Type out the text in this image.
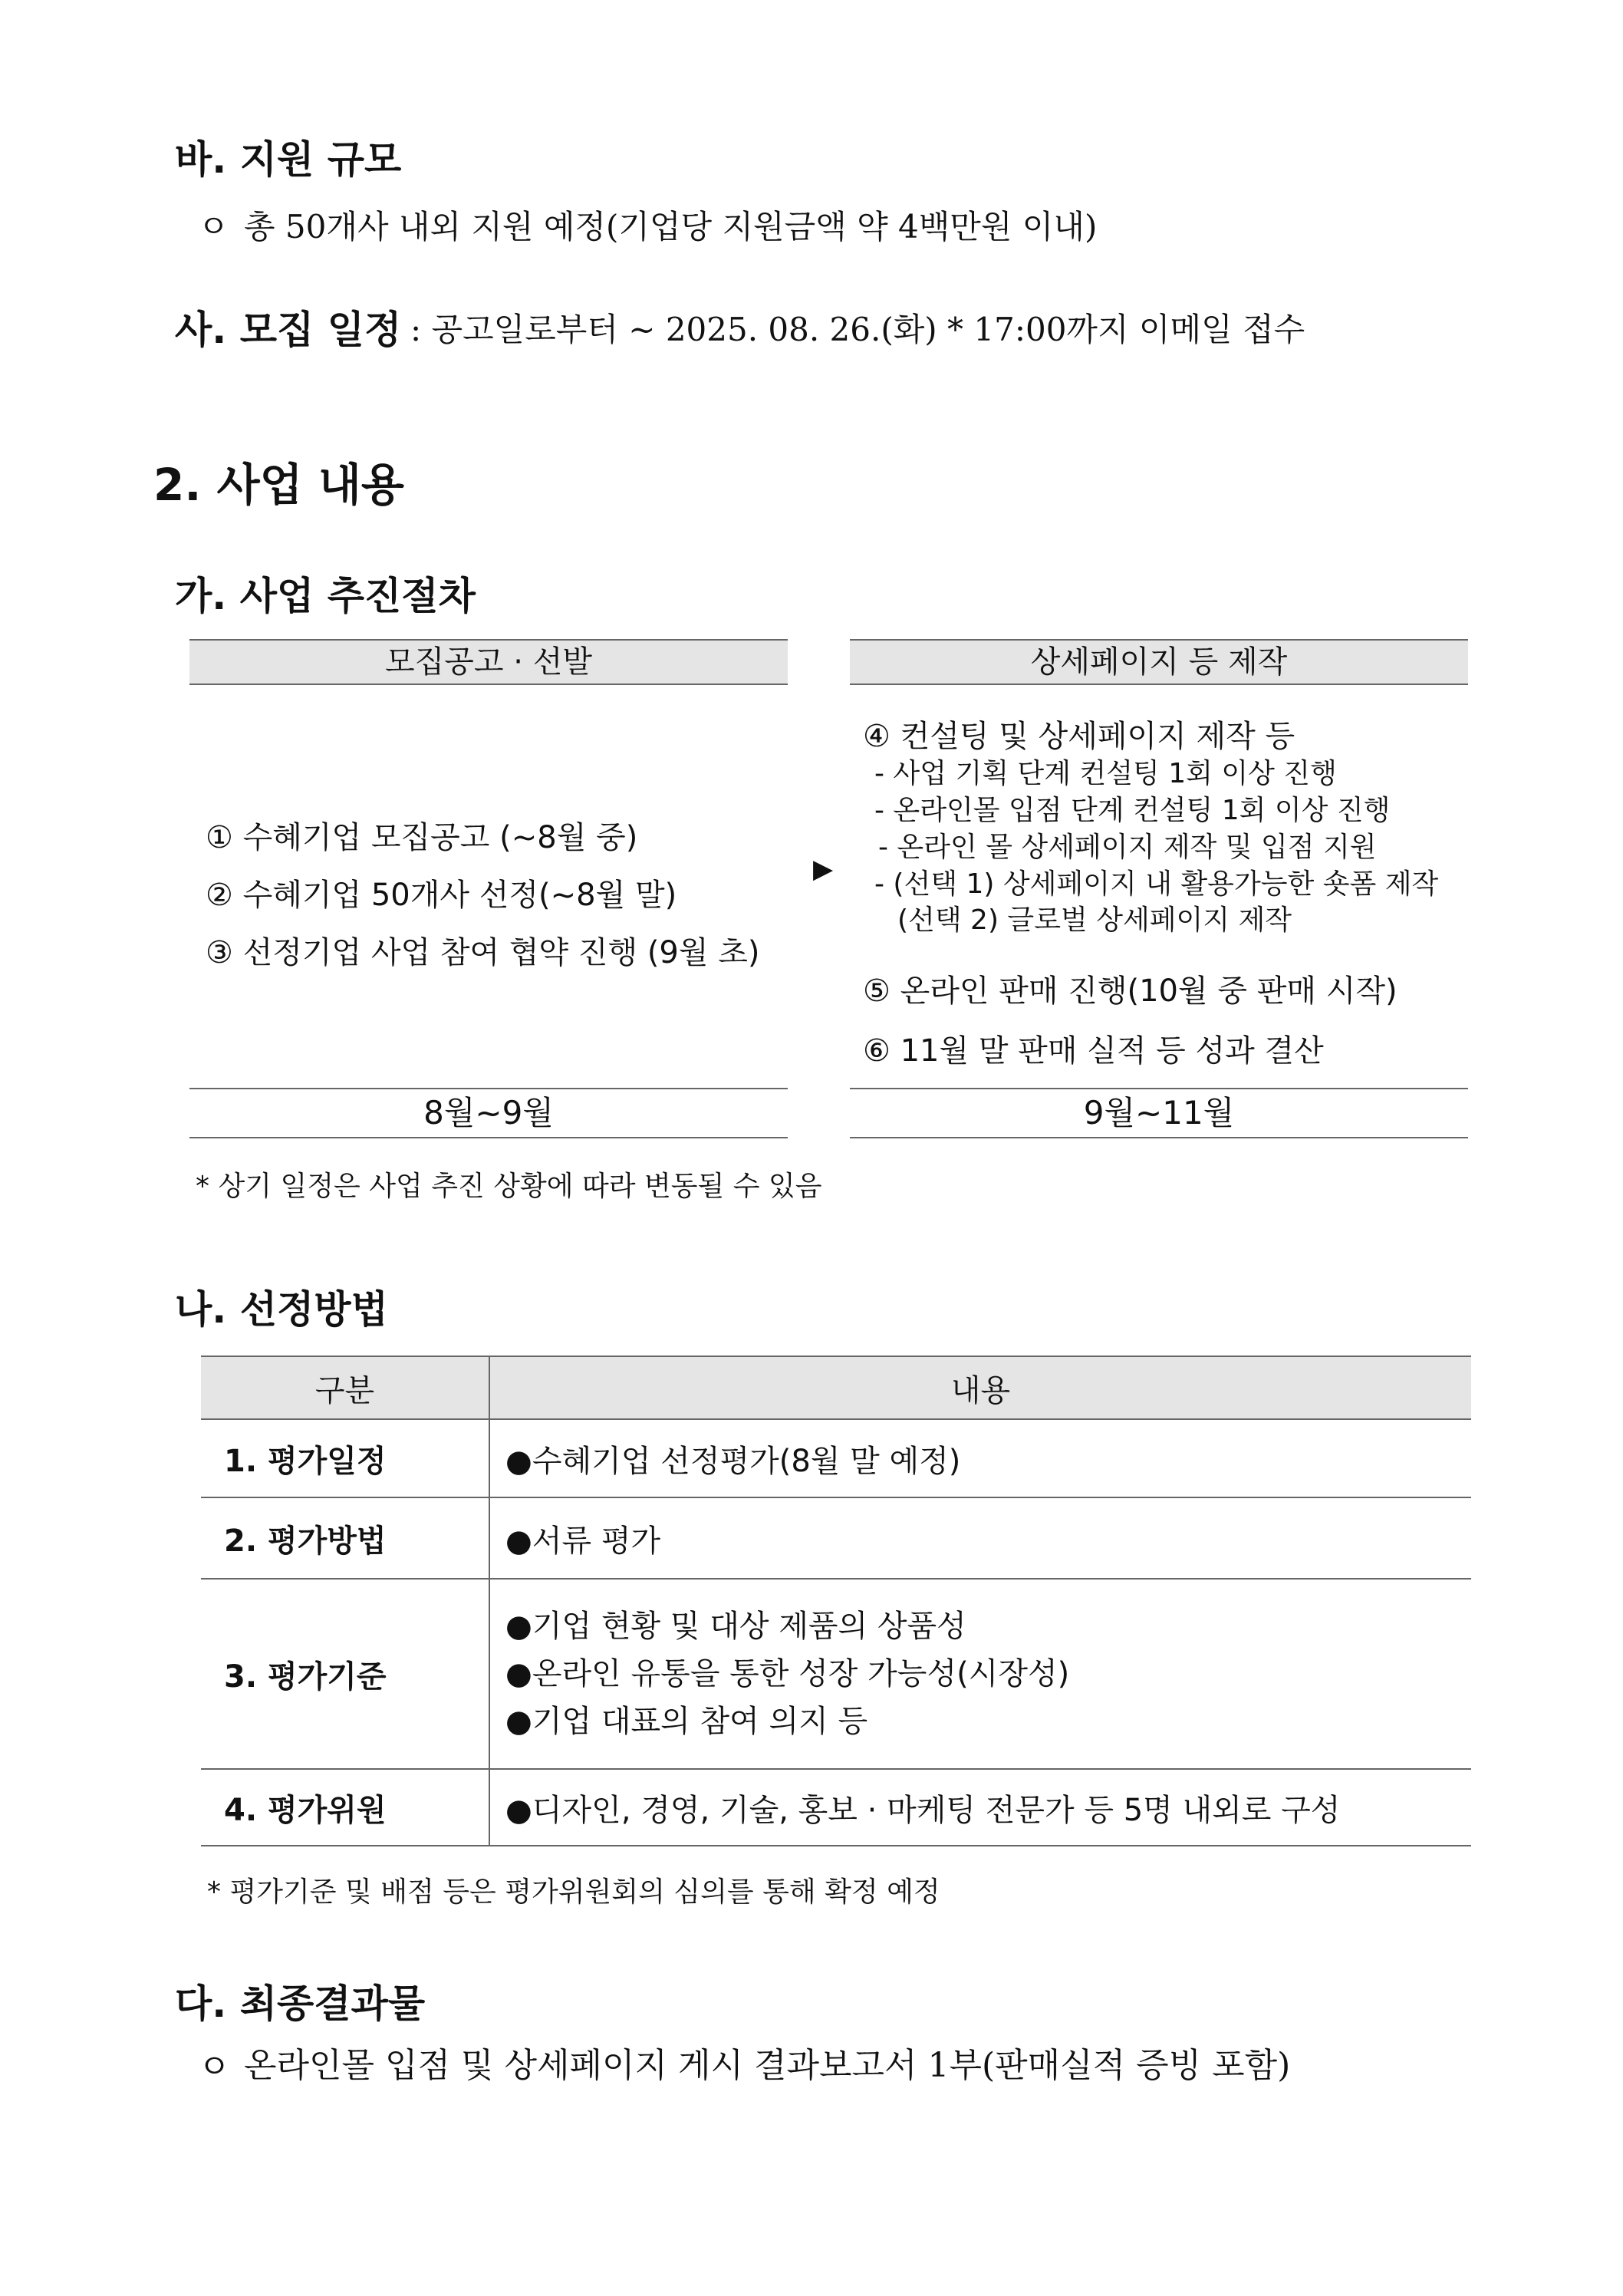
바. 지원 규모
ㅇ 총 50개사 내외 지원 예정(기업당 지원금액 약 4백만원 이내)
사. 모집 일정 : 공고일로부터 ~ 2025. 08. 26.(화) * 17:00까지 이메일 접수
2. 사업 내용
가. 사업 추진절차
모집공고 · 선발	상세페이지 등 제작
① 수혜기업 모집공고 (~8월 중)
② 수혜기업 50개사 선정(~8월 말)
③ 선정기업 사업 참여 협약 진행 (9월 초)
▶
④ 컨설팅 및 상세페이지 제작 등
- 사업 기획 단계 컨설팅 1회 이상 진행
- 온라인몰 입점 단계 컨설팅 1회 이상 진행
- 온라인 몰 상세페이지 제작 및 입점 지원
- (선택 1) 상세페이지 내 활용가능한 숏폼 제작
(선택 2) 글로벌 상세페이지 제작
⑤ 온라인 판매 진행(10월 중 판매 시작)
⑥ 11월 말 판매 실적 등 성과 결산
8월~9월	9월~11월
* 상기 일정은 사업 추진 상황에 따라 변동될 수 있음
나. 선정방법
구분	내용
1. 평가일정	●수혜기업 선정평가(8월 말 예정)
2. 평가방법	●서류 평가
3. 평가기준	●기업 현황 및 대상 제품의 상품성
●온라인 유통을 통한 성장 가능성(시장성)
●기업 대표의 참여 의지 등

4. 평가위원	●디자인, 경영, 기술, 홍보 · 마케팅 전문가 등 5명 내외로 구성
* 평가기준 및 배점 등은 평가위원회의 심의를 통해 확정 예정
다. 최종결과물
ㅇ 온라인몰 입점 및 상세페이지 게시 결과보고서 1부(판매실적 증빙 포함)
